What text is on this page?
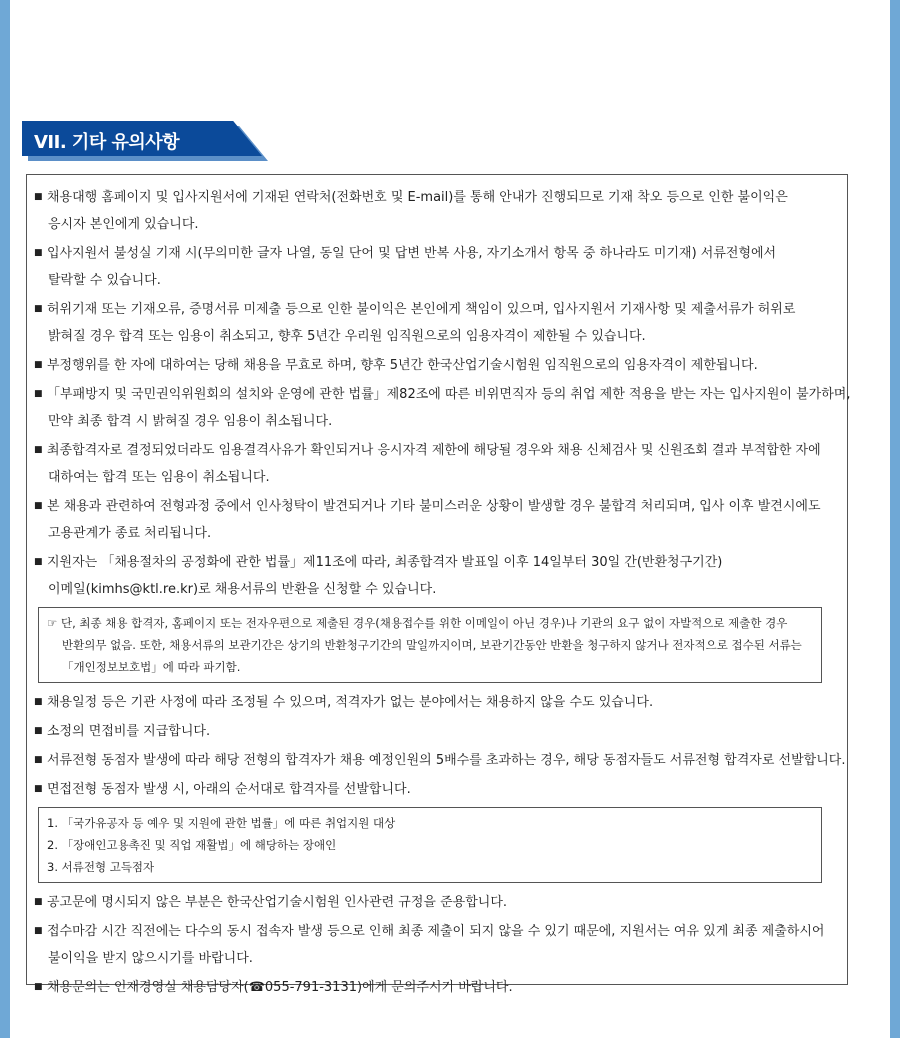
VII. 기타 유의사항
■ 채용대행 홈페이지 및 입사지원서에 기재된 연락처(전화번호 및 E-mail)를 통해 안내가 진행되므로 기재 착오 등으로 인한 불이익은
응시자 본인에게 있습니다.
■ 입사지원서 불성실 기재 시(무의미한 글자 나열, 동일 단어 및 답변 반복 사용, 자기소개서 항목 중 하나라도 미기재) 서류전형에서
탈락할 수 있습니다.
■ 허위기재 또는 기재오류, 증명서류 미제출 등으로 인한 불이익은 본인에게 책임이 있으며, 입사지원서 기재사항 및 제출서류가 허위로
밝혀질 경우 합격 또는 임용이 취소되고, 향후 5년간 우리원 임직원으로의 임용자격이 제한될 수 있습니다.
■ 부정행위를 한 자에 대하여는 당해 채용을 무효로 하며, 향후 5년간 한국산업기술시험원 임직원으로의 임용자격이 제한됩니다.
■ 「부패방지 및 국민권익위원회의 설치와 운영에 관한 법률」제82조에 따른 비위면직자 등의 취업 제한 적용을 받는 자는 입사지원이 불가하며,
만약 최종 합격 시 밝혀질 경우 임용이 취소됩니다.
■ 최종합격자로 결정되었더라도 임용결격사유가 확인되거나 응시자격 제한에 해당될 경우와 채용 신체검사 및 신원조회 결과 부적합한 자에
대하여는 합격 또는 임용이 취소됩니다.
■ 본 채용과 관련하여 전형과정 중에서 인사청탁이 발견되거나 기타 불미스러운 상황이 발생할 경우 불합격 처리되며, 입사 이후 발견시에도
고용관계가 종료 처리됩니다.
■ 지원자는 「채용절차의 공정화에 관한 법률」제11조에 따라, 최종합격자 발표일 이후 14일부터 30일 간(반환청구기간)
이메일(kimhs@ktl.re.kr)로 채용서류의 반환을 신청할 수 있습니다.
☞ 단, 최종 채용 합격자, 홈페이지 또는 전자우편으로 제출된 경우(채용접수를 위한 이메일이 아닌 경우)나 기관의 요구 없이 자발적으로 제출한 경우
반환의무 없음. 또한, 채용서류의 보관기간은 상기의 반환청구기간의 말일까지이며, 보관기간동안 반환을 청구하지 않거나 전자적으로 접수된 서류는
「개인정보보호법」에 따라 파기함.
■ 채용일정 등은 기관 사정에 따라 조정될 수 있으며, 적격자가 없는 분야에서는 채용하지 않을 수도 있습니다.
■ 소정의 면접비를 지급합니다.
■ 서류전형 동점자 발생에 따라 해당 전형의 합격자가 채용 예정인원의 5배수를 초과하는 경우, 해당 동점자들도 서류전형 합격자로 선발합니다.
■ 면접전형 동점자 발생 시, 아래의 순서대로 합격자를 선발합니다.
1. 「국가유공자 등 예우 및 지원에 관한 법률」에 따른 취업지원 대상
2. 「장애인고용촉진 및 직업 재활법」에 해당하는 장애인
3. 서류전형 고득점자
■ 공고문에 명시되지 않은 부분은 한국산업기술시험원 인사관련 규정을 준용합니다.
■ 접수마감 시간 직전에는 다수의 동시 접속자 발생 등으로 인해 최종 제출이 되지 않을 수 있기 때문에, 지원서는 여유 있게 최종 제출하시어
불이익을 받지 않으시기를 바랍니다.
■ 채용문의는 인재경영실 채용담당자(☎055-791-3131)에게 문의주시기 바랍니다.
